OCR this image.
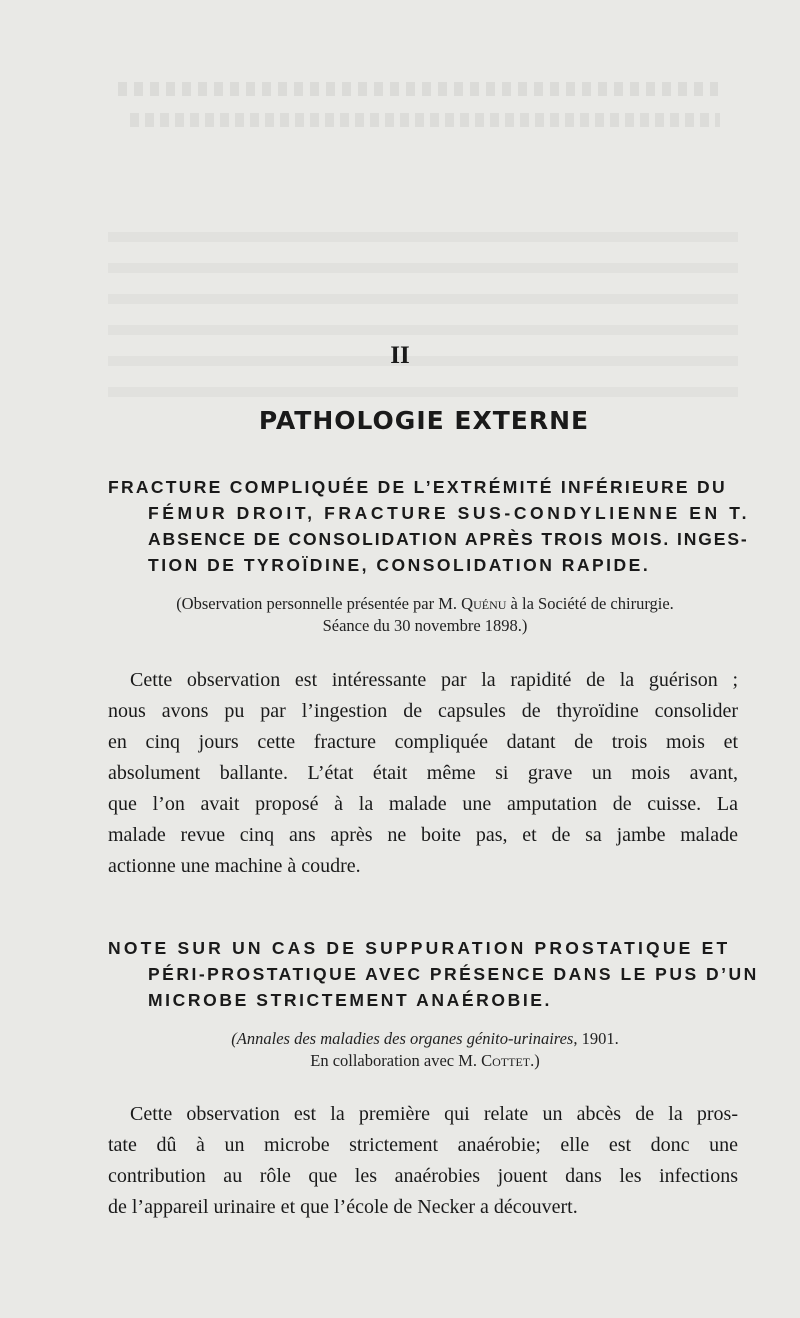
II
PATHOLOGIE EXTERNE
FRACTURE COMPLIQUÉE DE L’EXTRÉMITÉ INFÉRIEURE DU
FÉMUR DROIT, FRACTURE SUS-CONDYLIENNE EN T.
ABSENCE DE CONSOLIDATION APRÈS TROIS MOIS. INGES-
TION DE TYROÏDINE, CONSOLIDATION RAPIDE.
(Observation personnelle présentée par M. Quénu à la Société de chirurgie.
Séance du 30 novembre 1898.)
Cette observation est intéressante par la rapidité de la guérison ;
nous avons pu par l’ingestion de capsules de thyroïdine consolider
en cinq jours cette fracture compliquée datant de trois mois et
absolument ballante. L’état était même si grave un mois avant,
que l’on avait proposé à la malade une amputation de cuisse. La
malade revue cinq ans après ne boite pas, et de sa jambe malade
actionne une machine à coudre.
NOTE SUR UN CAS DE SUPPURATION PROSTATIQUE ET
PÉRI-PROSTATIQUE AVEC PRÉSENCE DANS LE PUS D’UN
MICROBE STRICTEMENT ANAÉROBIE.
(Annales des maladies des organes génito-urinaires, 1901.
En collaboration avec M. Cottet.)
Cette observation est la première qui relate un abcès de la pros-
tate dû à un microbe strictement anaérobie; elle est donc une
contribution au rôle que les anaérobies jouent dans les infections
de l’appareil urinaire et que l’école de Necker a découvert.
